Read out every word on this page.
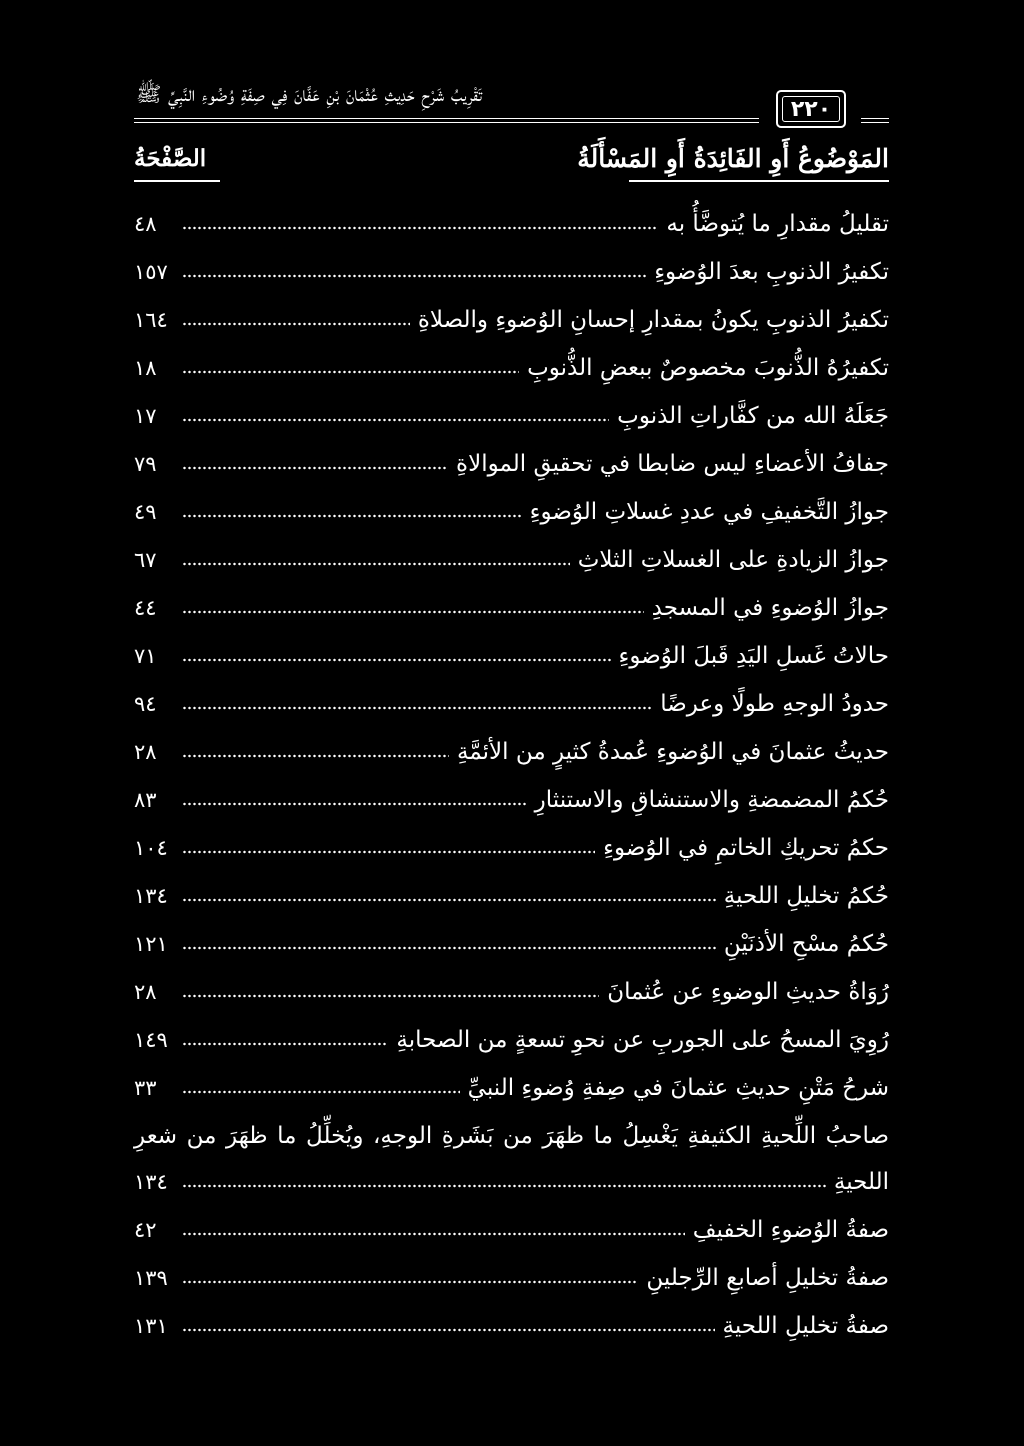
تَقْرِيبُ شَرْحِ حَدِيثِ عُثْمَانَ بْنِ عَفَّانَ فِي صِفَةِ وُضُوءِ النَّبِيِّ ﷺ
٢٢٠
المَوْضُوعُ أَوِ الفَائِدَةُ أَوِ المَسْأَلَةُ
الصَّفْحَةُ
تقليلُ مقدارِ ما يُتوضَّأُ به
٤٨
تكفيرُ الذنوبِ بعدَ الوُضوءِ
١٥٧
تكفيرُ الذنوبِ يكونُ بمقدارِ إحسانِ الوُضوءِ والصلاةِ
١٦٤
تكفيرُهُ الذُّنوبَ مخصوصٌ ببعضِ الذُّنوبِ
١٨
جَعَلَهُ الله من كفَّاراتِ الذنوبِ
١٧
جفافُ الأعضاءِ ليس ضابطا في تحقيقِ الموالاةِ
٧٩
جوازُ التَّخفيفِ في عددِ غسلاتِ الوُضوءِ
٤٩
جوازُ الزيادةِ على الغسلاتِ الثلاثِ
٦٧
جوازُ الوُضوءِ في المسجدِ
٤٤
حالاتُ غَسلِ اليَدِ قَبلَ الوُضوءِ
٧١
حدودُ الوجهِ طولًا وعرضًا
٩٤
حديثُ عثمانَ في الوُضوءِ عُمدةُ كثيرٍ من الأئمَّةِ
٢٨
حُكمُ المضمضةِ والاستنشاقِ والاستنثارِ
٨٣
حكمُ تحريكِ الخاتمِ في الوُضوءِ
١٠٤
حُكمُ تخليلِ اللحيةِ
١٣٤
حُكمُ مسْحِ الأذنَيْنِ
١٢١
رُوَاةُ حديثِ الوضوءِ عن عُثمانَ
٢٨
رُوِيَ المسحُ على الجوربِ عن نحوِ تسعةٍ من الصحابةِ
١٤٩
شرحُ مَتْنِ حديثِ عثمانَ في صِفةِ وُضوءِ النبيِّ
٣٣
صاحبُ اللِّحيةِ الكثيفةِ يَغْسِلُ ما ظهَرَ من بَشَرةِ الوجهِ، ويُخلِّلُ ما ظهَرَ من شعرِ
اللحيةِ
١٣٤
صفةُ الوُضوءِ الخفيفِ
٤٢
صفةُ تخليلِ أصابعِ الرِّجلينِ
١٣٩
صفةُ تخليلِ اللحيةِ
١٣١
